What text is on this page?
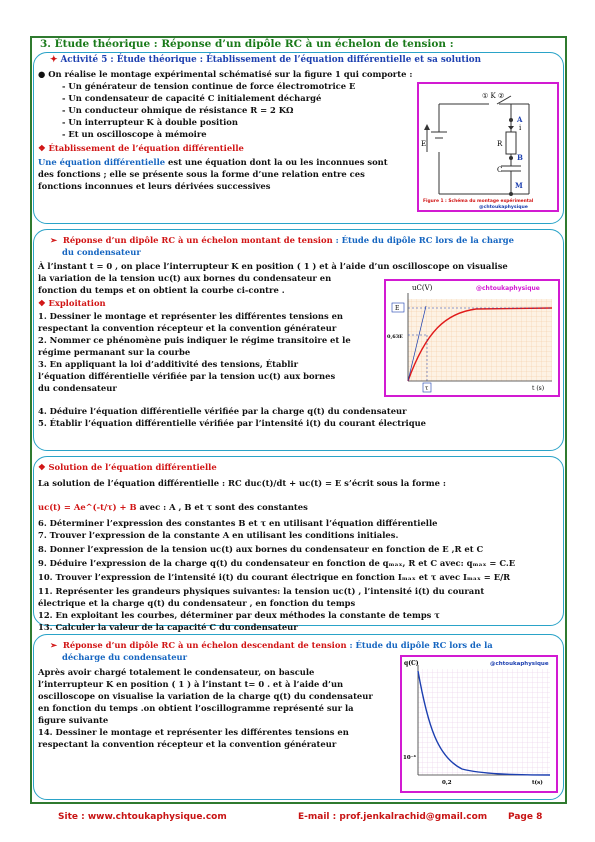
3. Étude théorique : Réponse d’un dipôle RC à un échelon de tension :
✦ Activité 5 : Étude théorique : Établissement de l’équation différentielle et sa solution
● On réalise le montage expérimental schématisé sur la figure 1 qui comporte :
- Un générateur de tension continue de force électromotrice E
- Un condensateur de capacité C initialement déchargé
- Un conducteur ohmique de résistance R = 2 KΩ
- Un interrupteur K à double position
- Et un oscilloscope à mémoire
❖ Établissement de l’équation différentielle
Une équation différentielle est une équation dont la ou les inconnues sont
des fonctions ; elle se présente sous la forme d’une relation entre ces
fonctions inconnues et leurs dérivées successives
① K ②
A
i
R
B
C
M
E
Figure 1 : Schéma du montage expérimental
@chtoukaphysique
➢  Réponse d’un dipôle RC à un échelon montant de tension : Étude du dipôle RC lors de la charge
du condensateur
À l’instant t = 0 , on place l’interrupteur K en position ( 1 ) et à l’aide d’un oscilloscope on visualise
la variation de la tension uc(t) aux bornes du condensateur en
fonction du temps et on obtient la courbe ci-contre .
❖ Exploitation
1. Dessiner le montage et représenter les différentes tensions en
respectant la convention récepteur et la convention générateur
2. Nommer ce phénomène puis indiquer le régime transitoire et le
régime permanant sur la courbe
3. En appliquant la loi d’additivité des tensions, Établir
l’équation différentielle vérifiée par la tension uc(t) aux bornes
du condensateur
4. Déduire l’équation différentielle vérifiée par la charge q(t) du condensateur
5. Établir l’équation différentielle vérifiée par l’intensité i(t) du courant électrique
uC(V)	@chtoukaphysique
E
0,63E
τ	t (s)
❖ Solution de l’équation différentielle
La solution de l’équation différentielle : RC duc(t)/dt + uc(t) = E s’écrit sous la forme :
uc(t) = Ae^(-t/τ) + B avec : A , B et τ sont des constantes
6. Déterminer l’expression des constantes B et τ en utilisant l’équation différentielle
7. Trouver l’expression de la constante A en utilisant les conditions initiales.
8. Donner l’expression de la tension uc(t) aux bornes du condensateur en fonction de E ,R et C
9. Déduire l’expression de la charge q(t) du condensateur en fonction de qₘₐₓ, R et C avec: qₘₐₓ = C.E
10. Trouver l’expression de l’intensité i(t) du courant électrique en fonction Iₘₐₓ et τ avec Iₘₐₓ = E/R
11. Représenter les grandeurs physiques suivantes: la tension uc(t) , l’intensité i(t) du courant
électrique et la charge q(t) du condensateur , en fonction du temps
12. En exploitant les courbes, déterminer par deux méthodes la constante de temps τ
13. Calculer la valeur de la capacité C du condensateur
➢  Réponse d’un dipôle RC à un échelon descendant de tension : Étude du dipôle RC lors de la
décharge du condensateur
Après avoir chargé totalement le condensateur, on bascule
l’interrupteur K en position ( 1 ) à l’instant t= 0 . et à l’aide d’un
oscilloscope on visualise la variation de la charge q(t) du condensateur
en fonction du temps .on obtient l’oscillogramme représenté sur la
figure suivante
14. Dessiner le montage et représenter les différentes tensions en
respectant la convention récepteur et la convention générateur
q(C)	@chtoukaphysique
10⁻⁴
0,2	t(s)
Site : www.chtoukaphysique.com	E-mail : prof.jenkalrachid@gmail.com Page 8
